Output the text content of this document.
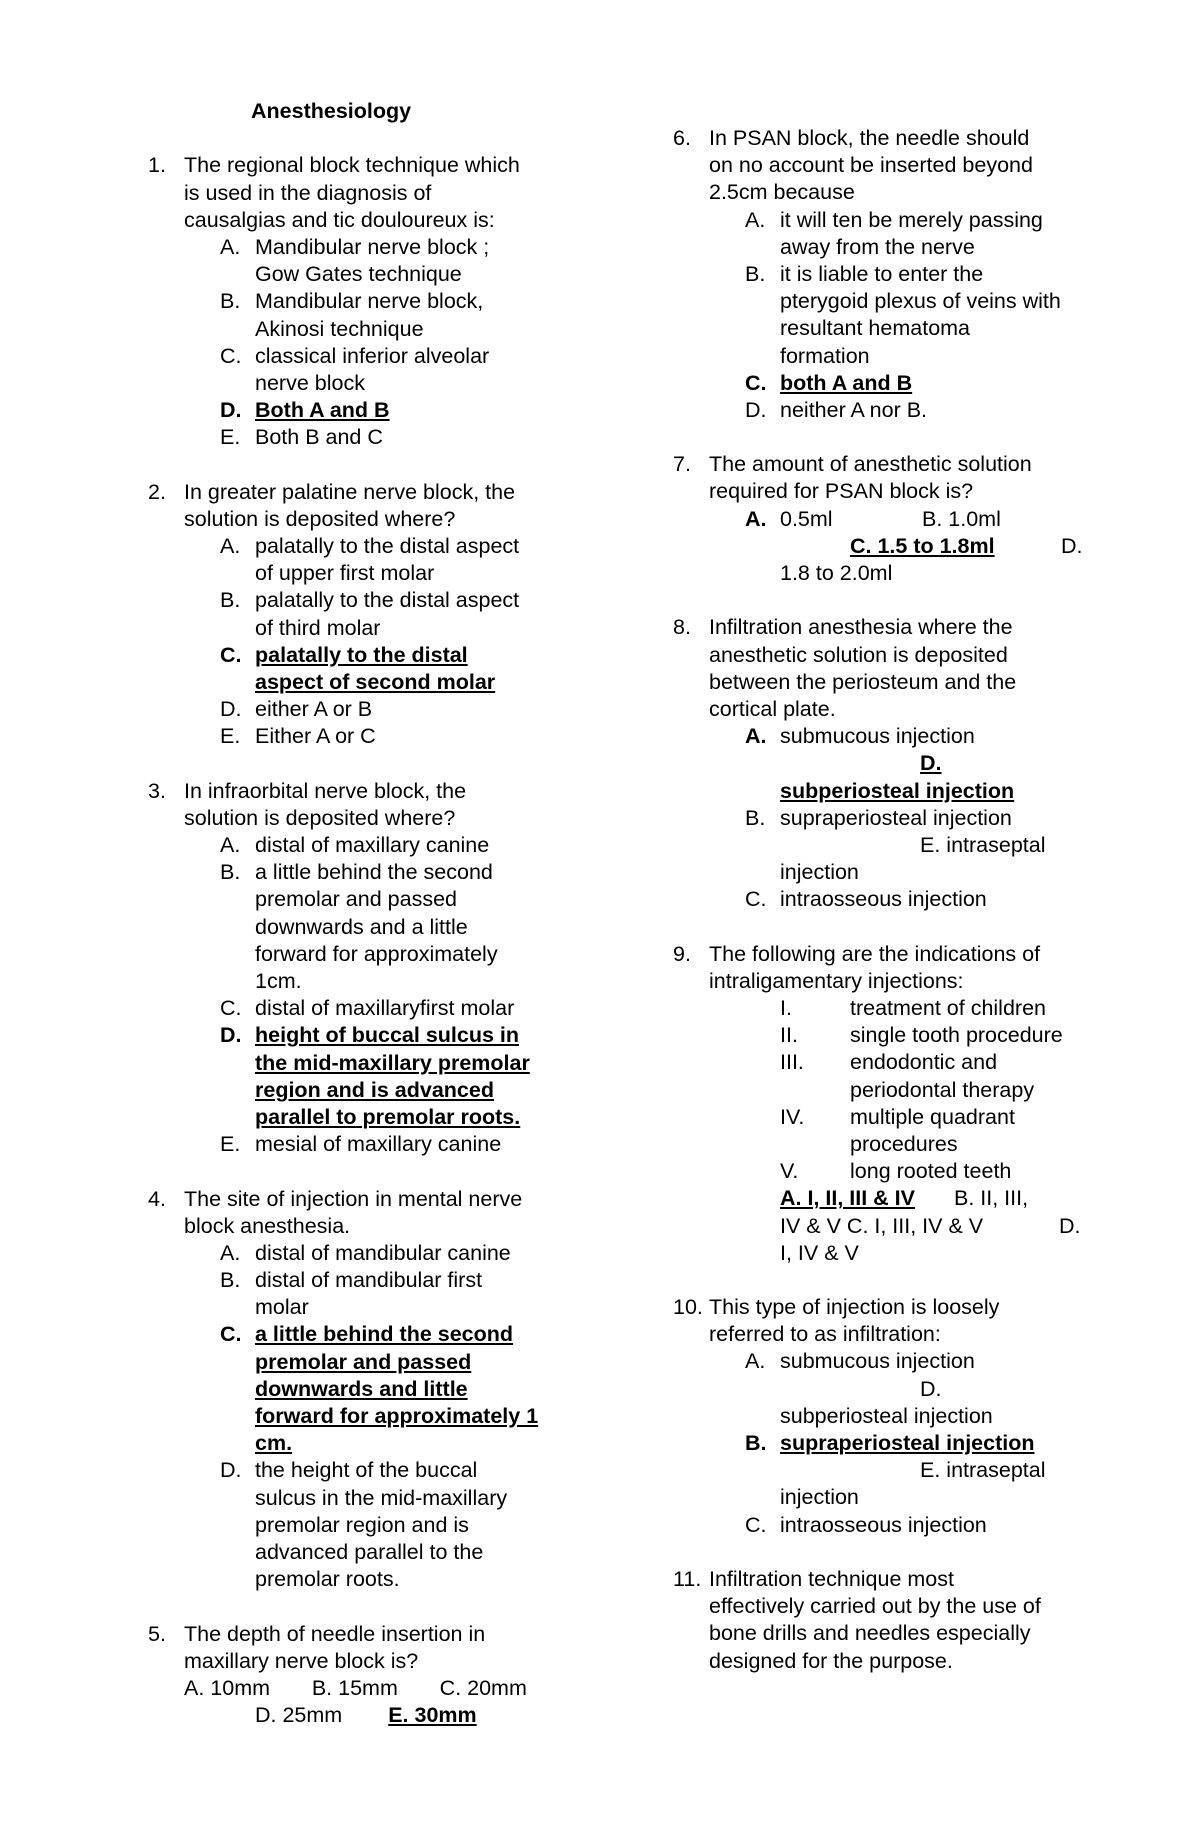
Anesthesiology
1. The regional block technique which
is used in the diagnosis of
causalgias and tic douloureux is:
A. Mandibular nerve block ;
Gow Gates technique
B. Mandibular nerve block,
Akinosi technique
C. classical inferior alveolar
nerve block
D. Both A and B
E. Both B and C
2. In greater palatine nerve block, the
solution is deposited where?
A. palatally to the distal aspect
of upper first molar
B. palatally to the distal aspect
of third molar
C. palatally to the distal
aspect of second molar
D. either A or B
E. Either A or C
3. In infraorbital nerve block, the
solution is deposited where?
A. distal of maxillary canine
B. a little behind the second
premolar and passed
downwards and a little
forward for approximately
1cm.
C. distal of maxillaryfirst molar
D. height of buccal sulcus in
the mid-maxillary premolar
region and is advanced
parallel to premolar roots.
E. mesial of maxillary canine
4. The site of injection in mental nerve
block anesthesia.
A. distal of mandibular canine
B. distal of mandibular first
molar
C. a little behind the second
premolar and passed
downwards and little
forward for approximately 1
cm.
D. the height of the buccal
sulcus in the mid-maxillary
premolar region and is
advanced parallel to the
premolar roots.
5. The depth of needle insertion in
maxillary nerve block is?
A. 10mm       B. 15mm       C. 20mm
D. 25mm E. 30mm
6. In PSAN block, the needle should
on no account be inserted beyond
2.5cm because
A. it will ten be merely passing
away from the nerve
B. it is liable to enter the
pterygoid plexus of veins with
resultant hematoma
formation
C. both A and B
D. neither A nor B.
7. The amount of anesthetic solution
required for PSAN block is?
A. 0.5ml	B. 1.0ml
C. 1.5 to 1.8ml	D.
1.8 to 2.0ml
8. Infiltration anesthesia where the
anesthetic solution is deposited
between the periosteum and the
cortical plate.
A. submucous injection
D.
subperiosteal injection
B. supraperiosteal injection
E. intraseptal
injection
C. intraosseous injection
9. The following are the indications of
intraligamentary injections:
I.	treatment of children
II. single tooth procedure
III. endodontic and
periodontal therapy
IV. multiple quadrant
procedures
V. long rooted teeth
A. I, II, III & IV B. II, III,
IV & V C. I, III, IV & V	D.
I, IV & V
10. This type of injection is loosely
referred to as infiltration:
A. submucous injection
D.
subperiosteal injection
B. supraperiosteal injection
E. intraseptal
injection
C. intraosseous injection
11. Infiltration technique most
effectively carried out by the use of
bone drills and needles especially
designed for the purpose.
